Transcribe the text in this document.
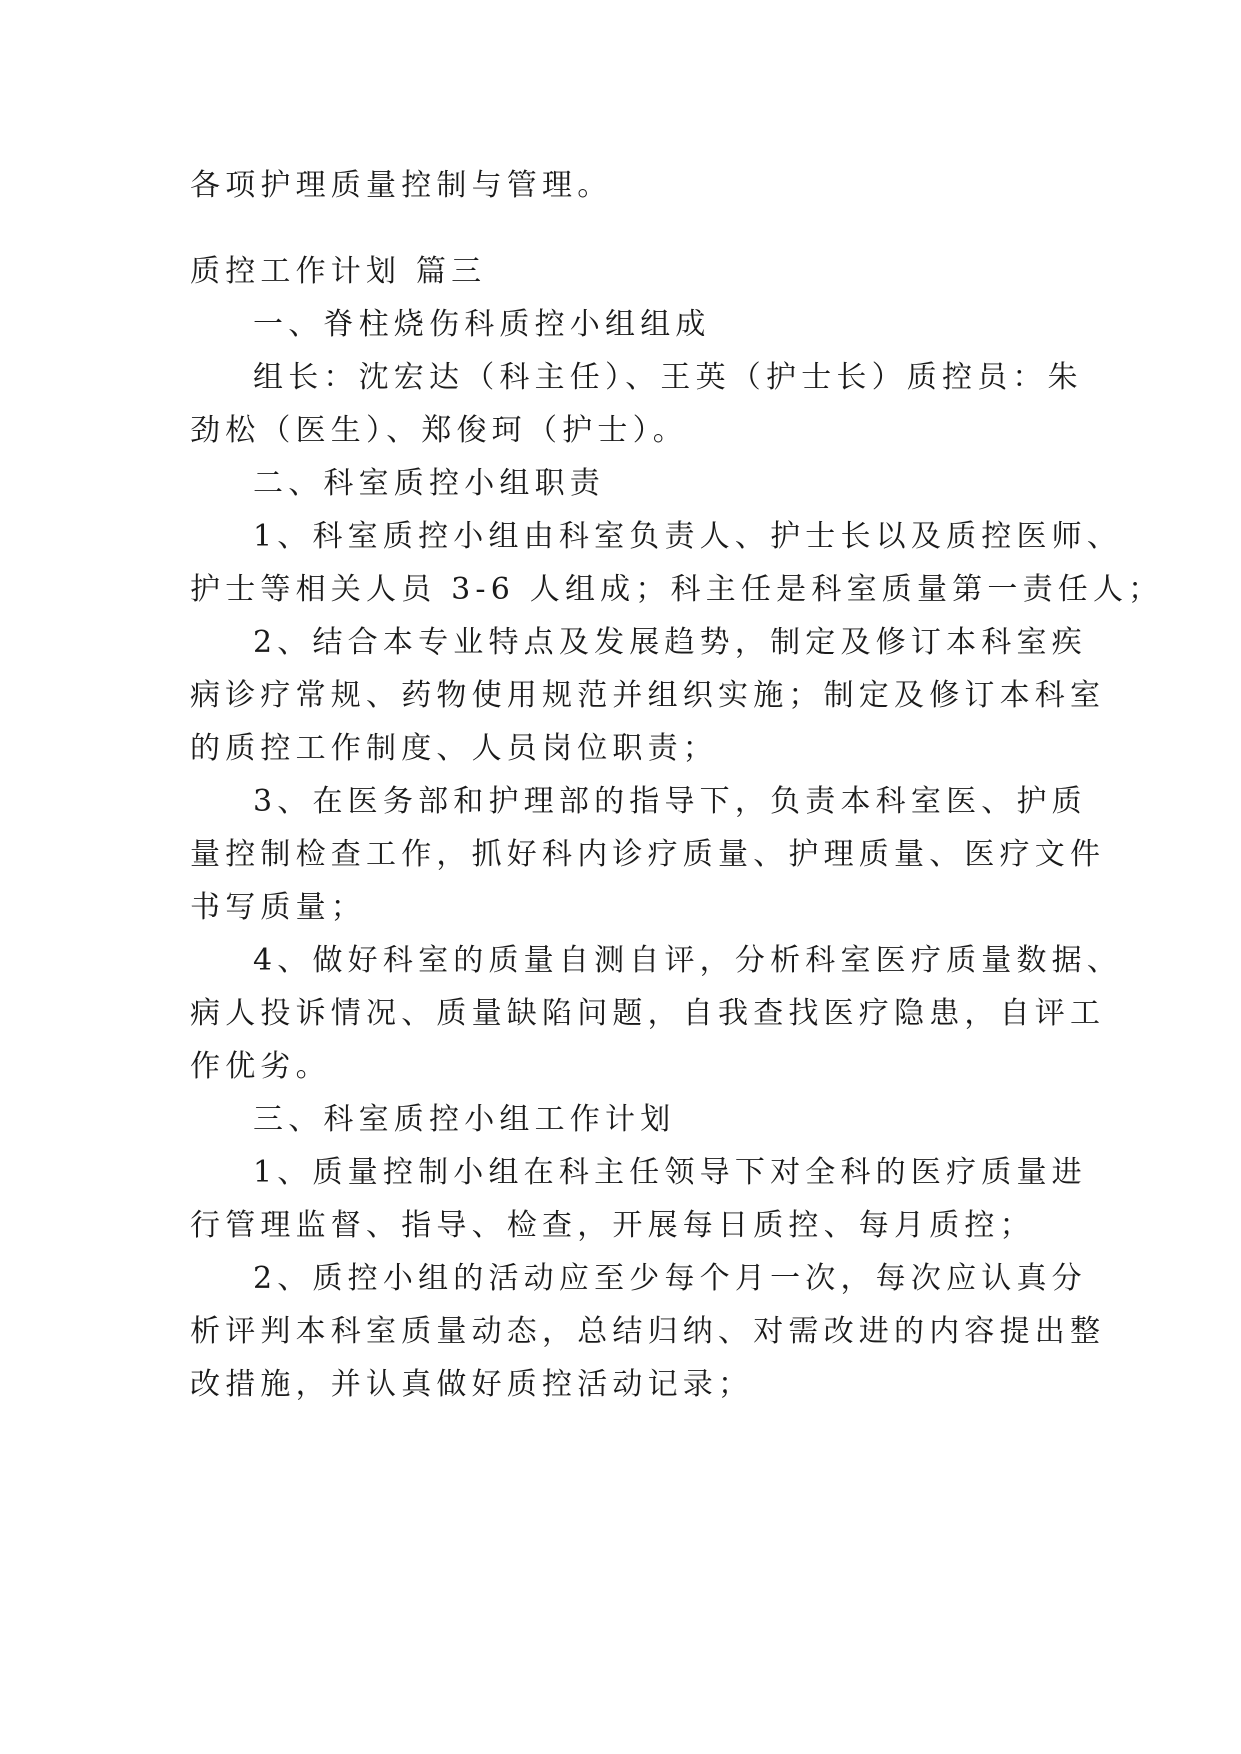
各项护理质量控制与管理。
质控工作计划 篇三
一、脊柱烧伤科质控小组组成
组长：沈宏达（科主任）、王英（护士长）质控员：朱
劲松（医生）、郑俊珂（护士）。
二、科室质控小组职责
1、科室质控小组由科室负责人、护士长以及质控医师、
护士等相关人员 3-6 人组成；科主任是科室质量第一责任人；
2、结合本专业特点及发展趋势，制定及修订本科室疾
病诊疗常规、药物使用规范并组织实施；制定及修订本科室
的质控工作制度、人员岗位职责；
3、在医务部和护理部的指导下，负责本科室医、护质
量控制检查工作，抓好科内诊疗质量、护理质量、医疗文件
书写质量；
4、做好科室的质量自测自评，分析科室医疗质量数据、
病人投诉情况、质量缺陷问题，自我查找医疗隐患，自评工
作优劣。
三、科室质控小组工作计划
1、质量控制小组在科主任领导下对全科的医疗质量进
行管理监督、指导、检查，开展每日质控、每月质控；
2、质控小组的活动应至少每个月一次，每次应认真分
析评判本科室质量动态，总结归纳、对需改进的内容提出整
改措施，并认真做好质控活动记录；
